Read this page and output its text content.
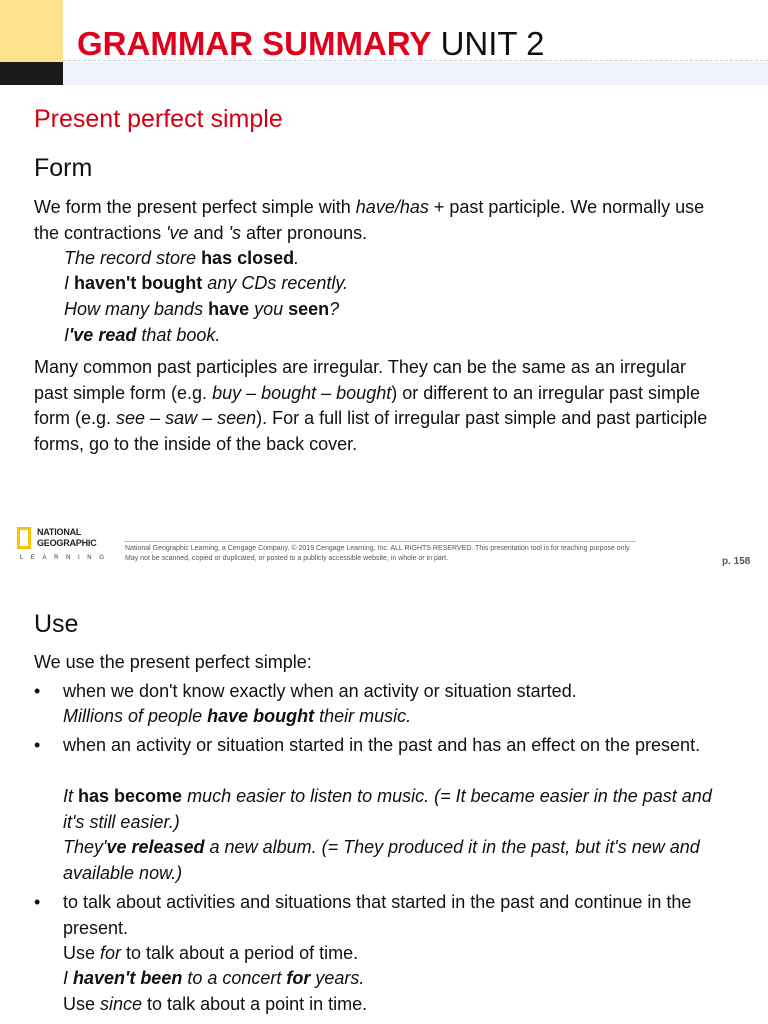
GRAMMAR SUMMARY UNIT 2
Present perfect simple
Form
We form the present perfect simple with have/has + past participle. We normally use the contractions 've and 's after pronouns.
The record store has closed.
I haven't bought any CDs recently.
How many bands have you seen?
I've read that book.
Many common past participles are irregular. They can be the same as an irregular past simple form (e.g. buy – bought – bought) or different to an irregular past simple form (e.g. see – saw – seen). For a full list of irregular past simple and past participle forms, go to the inside of the back cover.
NATIONAL
GEOGRAPHIC
LEARNING
National Geographic Learning, a Cengage Company. © 2019 Cengage Learning, Inc. ALL RIGHTS RESERVED. This presentation tool is for teaching purpose only. May not be scanned, copied or duplicated, or posted to a publicly accessible website, in whole or in part.	p. 158
Use
We use the present perfect simple:
• when we don't know exactly when an activity or situation started.
Millions of people have bought their music.
• when an activity or situation started in the past and has an effect on the present.
It has become much easier to listen to music. (= It became easier in the past and it's still easier.)
They've released a new album. (= They produced it in the past, but it's new and available now.)
• to talk about activities and situations that started in the past and continue in the present.
Use for to talk about a period of time.
I haven't been to a concert for years.
Use since to talk about a point in time.
